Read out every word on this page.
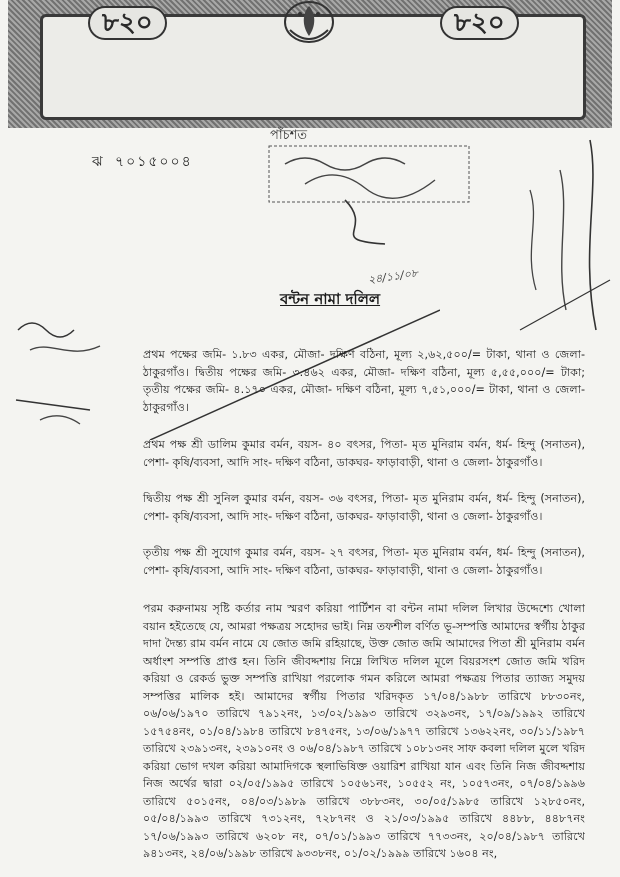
৮২০	৮২০
পাঁচশত
ঝ ৭০১৫০০৪
২৪/১১/০৮
বন্টন নামা দলিল
প্রথম পক্ষের জমি- ১.৮৩ একর, মৌজা- দক্ষিণ বঠিনা, মূল্য ২,৬২,৫০০/= টাকা, থানা ও জেলা- ঠাকুরগাঁও। দ্বিতীয় পক্ষের জমি- ৩.৪৬২ একর, মৌজা- দক্ষিণ বঠিনা, মূল্য ৫,৫৫,০০০/= টাকা; তৃতীয় পক্ষের জমি- ৪.১৭০ একর, মৌজা- দক্ষিণ বঠিনা, মূল্য ৭,৫১,০০০/= টাকা, থানা ও জেলা- ঠাকুরগাঁও।
প্রথম পক্ষ শ্রী ডালিম কুমার বর্মন, বয়স- ৪০ বৎসর, পিতা- মৃত মুনিরাম বর্মন, ধর্ম- হিন্দু (সনাতন), পেশা- কৃষি/ব্যবসা, আদি সাং- দক্ষিণ বঠিনা, ডাকঘর- ফাড়াবাড়ী, থানা ও জেলা- ঠাকুরগাঁও।
দ্বিতীয় পক্ষ শ্রী সুনিল কুমার বর্মন, বয়স- ৩৬ বৎসর, পিতা- মৃত মুনিরাম বর্মন, ধর্ম- হিন্দু (সনাতন), পেশা- কৃষি/ব্যবসা, আদি সাং- দক্ষিণ বঠিনা, ডাকঘর- ফাড়াবাড়ী, থানা ও জেলা- ঠাকুরগাঁও।
তৃতীয় পক্ষ শ্রী সুযোগ কুমার বর্মন, বয়স- ২৭ বৎসর, পিতা- মৃত মুনিরাম বর্মন, ধর্ম- হিন্দু (সনাতন), পেশা- কৃষি/ব্যবসা, আদি সাং- দক্ষিণ বঠিনা, ডাকঘর- ফাড়াবাড়ী, থানা ও জেলা- ঠাকুরগাঁও।
পরম করুনাময় সৃষ্টি কর্তার নাম স্মরণ করিয়া পার্টিশন বা বন্টন নামা দলিল লিখার উদ্দেশ্যে খোলা বয়ান হইতেছে যে, আমরা পক্ষত্রয় সহোদর ভাই। নিম্ন তফশীল বর্ণিত ভূ-সম্পত্তি আমাদের স্বর্গীয় ঠাকুর দাদা দৈন্ত্য রাম বর্মন নামে যে জোত জমি রহিয়াছে, উক্ত জোত জমি আমাদের পিতা শ্রী মুনিরাম বর্মন অর্ধাংশ সম্পত্তি প্রাপ্ত হন। তিনি জীবদ্দশায় নিম্নে লিখিত দলিল মূলে বিয়রসংশ জোত জমি খরিদ করিয়া ও রেকর্ড ভুক্ত সম্পত্তি রাখিয়া পরলোক গমন করিলে আমরা পক্ষত্রয় পিতার ত্যাজ্য সমুদয় সম্পত্তির মালিক হই। আমাদের স্বর্গীয় পিতার খরিদকৃত ১৭/০৪/১৯৮৮ তারিখে ৮৮৩০নং, ০৬/০৬/১৯৭০ তারিখে ৭৯১২নং, ১৩/০২/১৯৯৩ তারিখে ৩২৯৩নং, ১৭/০৯/১৯৯২ তারিখে ১৫৭৫৪নং, ০১/০৪/১৯৮৪ তারিখে ৮৪৭৫নং, ১৩/০৬/১৯৭৭ তারিখে ১৩৬২২নং, ৩০/১১/১৯৮৭ তারিখে ২৩৯১৩নং, ২৩৯১০নং ও ০৬/০৪/১৯৮৭ তারিখে ১০৮১৩নং সাফ কবলা দলিল মুলে খরিদ করিয়া ভোগ দখল করিয়া আমাদিগকে স্থলাভিষিক্ত ওয়ারিশ রাখিয়া যান এবং তিনি নিজ জীবদ্দশায় নিজ অর্থের দ্বারা ০২/০৫/১৯৯৫ তারিখে ১০৫৬১নং, ১০৫৫২ নং, ১০৫৭৩নং, ০৭/০৪/১৯৯৬ তারিখে ৫০১৫নং, ০৪/০৩/১৯৮৯ তারিখে ৩৮৮৩নং, ৩০/০৫/১৯৮৫ তারিখে ১২৮৫০নং, ০৫/০৪/১৯৯৩ তারিখে ৭৩১২নং, ৭২৮৭নং ও ২১/০৩/১৯৯৫ তারিখে ৪৪৮৮, ৪৪৮৭নং ১৭/০৬/১৯৯৩ তারিখে ৬২০৮ নং, ০৭/০১/১৯৯৩ তারিখে ৭৭৩৩নং, ২০/০৪/১৯৮৭ তারিখে ৯৪১৩নং, ২৪/০৬/১৯৯৮ তারিখে ৯৩৩৮নং, ০১/০২/১৯৯৯ তারিখে ১৬০৪ নং,
